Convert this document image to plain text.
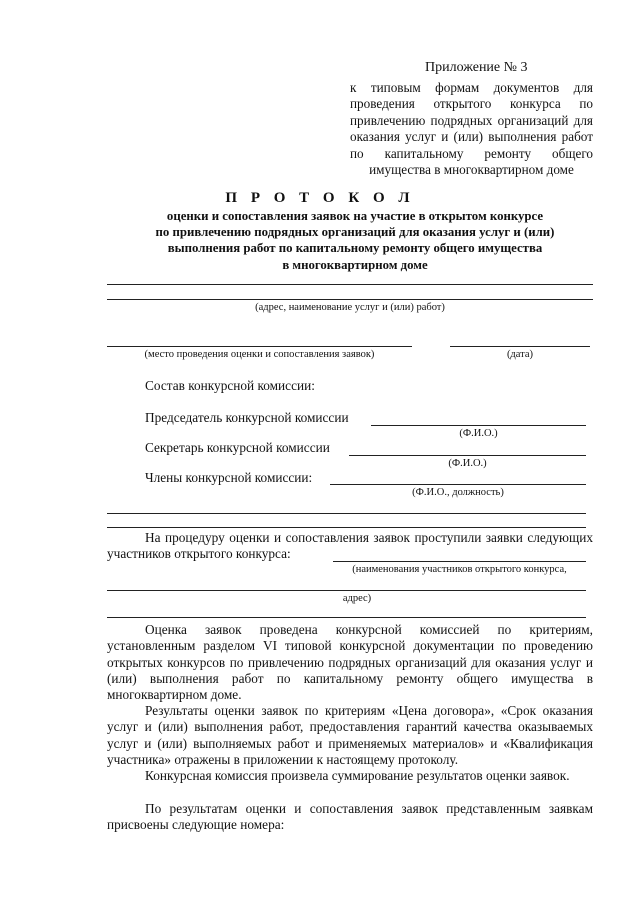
Приложение № 3
к типовым формам документов для проведения открытого конкурса по привлечению подрядных организаций для оказания услуг и (или) выполнения работ по капитальному ремонту общего имущества в многоквартирном доме
П Р О Т О К О Л
оценки и сопоставления заявок на участие в открытом конкурсе
по привлечению подрядных организаций для оказания услуг и (или)
выполнения работ по капитальному ремонту общего имущества
в многоквартирном доме
(адрес, наименование услуг и (или) работ)
(место проведения оценки и сопоставления заявок)	(дата)
Состав конкурсной комиссии:
Председатель конкурсной комиссии
(Ф.И.О.)
Секретарь конкурсной комиссии
(Ф.И.О.)
Члены конкурсной комиссии:
(Ф.И.О., должность)
На процедуру оценки и сопоставления заявок проступили заявки следующих участников открытого конкурса:
(наименования участников открытого конкурса,
адрес)
Оценка заявок проведена конкурсной комиссией по критериям, установленным разделом VI типовой конкурсной документации по проведению открытых конкурсов по привлечению подрядных организаций для оказания услуг и (или) выполнения работ по капитальному ремонту общего имущества в многоквартирном доме.
Результаты оценки заявок по критериям «Цена договора», «Срок оказания услуг и (или) выполнения работ, предоставления гарантий качества оказываемых услуг и (или) выполняемых работ и применяемых материалов» и «Квалификация участника» отражены в приложении к настоящему протоколу.
Конкурсная комиссия произвела суммирование результатов оценки заявок.
По результатам оценки и сопоставления заявок представленным заявкам присвоены следующие номера:
